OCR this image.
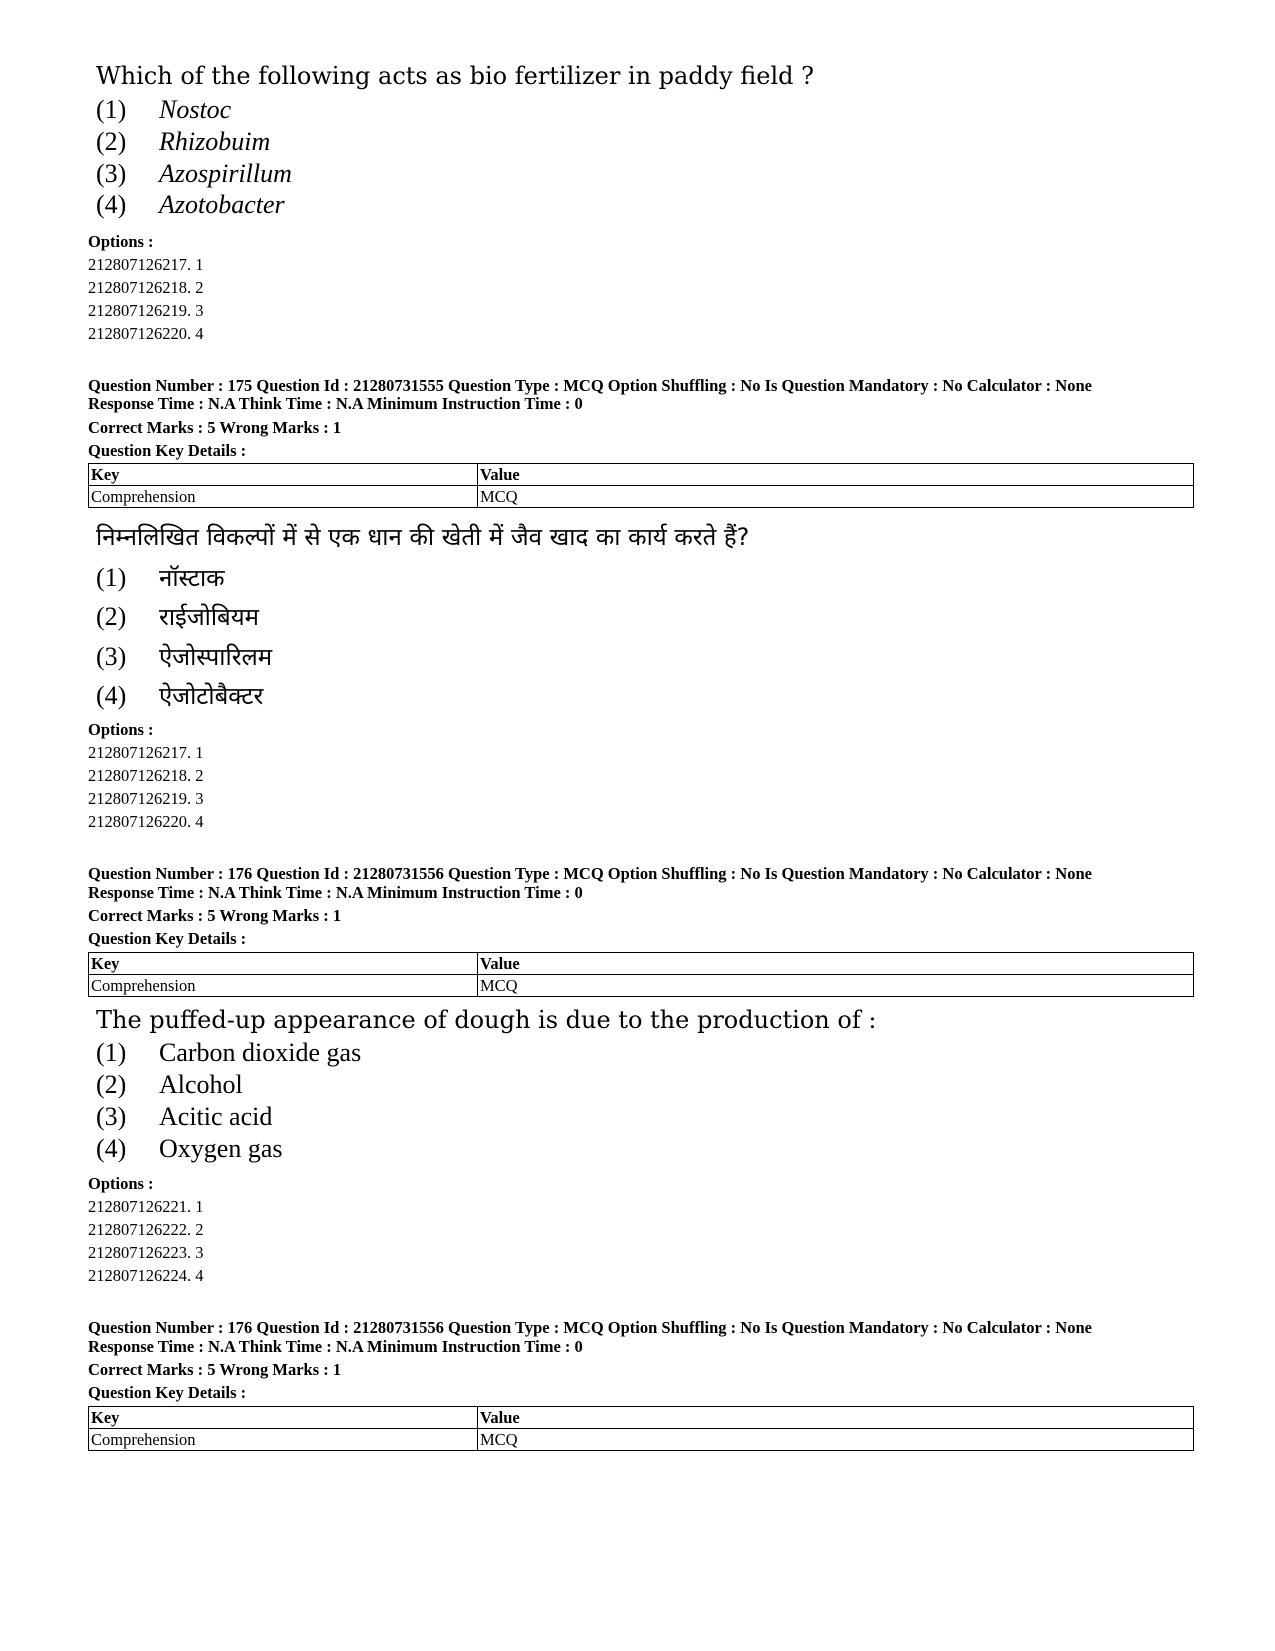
Which of the following acts as bio fertilizer in paddy field ?
(1) Nostoc
(2) Rhizobuim
(3) Azospirillum
(4) Azotobacter
Options :
212807126217. 1
212807126218. 2
212807126219. 3
212807126220. 4
Question Number : 175 Question Id : 21280731555 Question Type : MCQ Option Shuffling : No Is Question Mandatory : No Calculator : None
Response Time : N.A Think Time : N.A Minimum Instruction Time : 0
Correct Marks : 5 Wrong Marks : 1
Question Key Details :
Key	Value
Comprehension	MCQ
निम्नलिखित विकल्पों में से एक धान की खेती में जैव खाद का कार्य करते हैं?
(1) नॉस्टाक
(2) राईजोबियम
(3) ऐजोस्पारिलम
(4) ऐजोटोबैक्टर
Options :
212807126217. 1
212807126218. 2
212807126219. 3
212807126220. 4
Question Number : 176 Question Id : 21280731556 Question Type : MCQ Option Shuffling : No Is Question Mandatory : No Calculator : None
Response Time : N.A Think Time : N.A Minimum Instruction Time : 0
Correct Marks : 5 Wrong Marks : 1
Question Key Details :
Key	Value
Comprehension	MCQ
The puffed-up appearance of dough is due to the production of :
(1) Carbon dioxide gas
(2) Alcohol
(3) Acitic acid
(4) Oxygen gas
Options :
212807126221. 1
212807126222. 2
212807126223. 3
212807126224. 4
Question Number : 176 Question Id : 21280731556 Question Type : MCQ Option Shuffling : No Is Question Mandatory : No Calculator : None
Response Time : N.A Think Time : N.A Minimum Instruction Time : 0
Correct Marks : 5 Wrong Marks : 1
Question Key Details :
Key	Value
Comprehension	MCQ
